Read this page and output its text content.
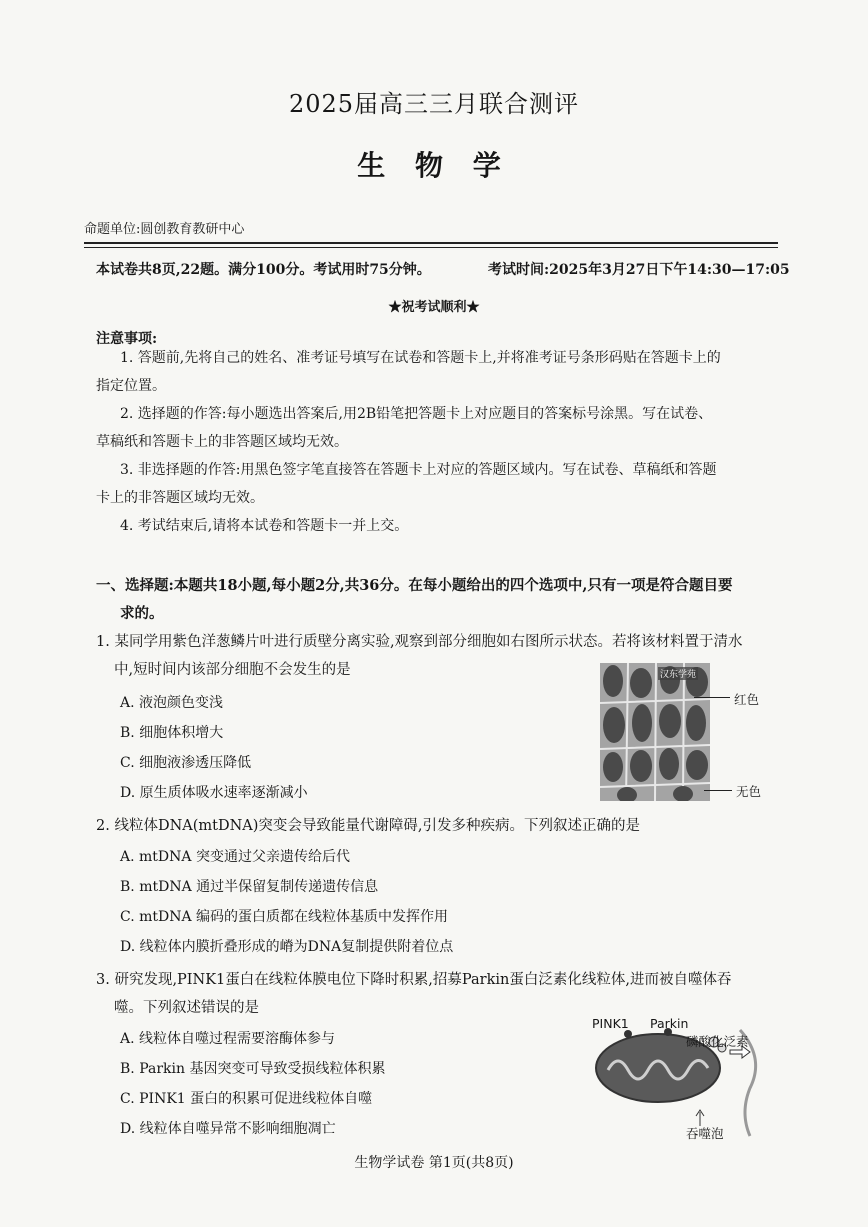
2025届高三三月联合测评
生 物 学
命题单位:圆创教育教研中心
本试卷共8页,22题。满分100分。考试用时75分钟。	考试时间:2025年3月27日下午14:30—17:05
★祝考试顺利★
注意事项:
1. 答题前,先将自己的姓名、准考证号填写在试卷和答题卡上,并将准考证号条形码贴在答题卡上的
指定位置。
2. 选择题的作答:每小题选出答案后,用2B铅笔把答题卡上对应题目的答案标号涂黑。写在试卷、
草稿纸和答题卡上的非答题区域均无效。
3. 非选择题的作答:用黑色签字笔直接答在答题卡上对应的答题区域内。写在试卷、草稿纸和答题
卡上的非答题区域均无效。
4. 考试结束后,请将本试卷和答题卡一并上交。
一、选择题:本题共18小题,每小题2分,共36分。在每小题给出的四个选项中,只有一项是符合题目要
求的。
1. 某同学用紫色洋葱鳞片叶进行质壁分离实验,观察到部分细胞如右图所示状态。若将该材料置于清水
中,短时间内该部分细胞不会发生的是
A. 液泡颜色变浅
B. 细胞体积增大
C. 细胞液渗透压降低
D. 原生质体吸水速率逐渐减小
汉东学苑
红色
无色
2. 线粒体DNA(mtDNA)突变会导致能量代谢障碍,引发多种疾病。下列叙述正确的是
A. mtDNA 突变通过父亲遗传给后代
B. mtDNA 通过半保留复制传递遗传信息
C. mtDNA 编码的蛋白质都在线粒体基质中发挥作用
D. 线粒体内膜折叠形成的嵴为DNA复制提供附着位点
3. 研究发现,PINK1蛋白在线粒体膜电位下降时积累,招募Parkin蛋白泛素化线粒体,进而被自噬体吞
噬。下列叙述错误的是
A. 线粒体自噬过程需要溶酶体参与
B. Parkin 基因突变可导致受损线粒体积累
C. PINK1 蛋白的积累可促进线粒体自噬
D. 线粒体自噬异常不影响细胞凋亡
PINK1 Parkin
磷酸化泛素
吞噬泡
生物学试卷 第1页(共8页)
